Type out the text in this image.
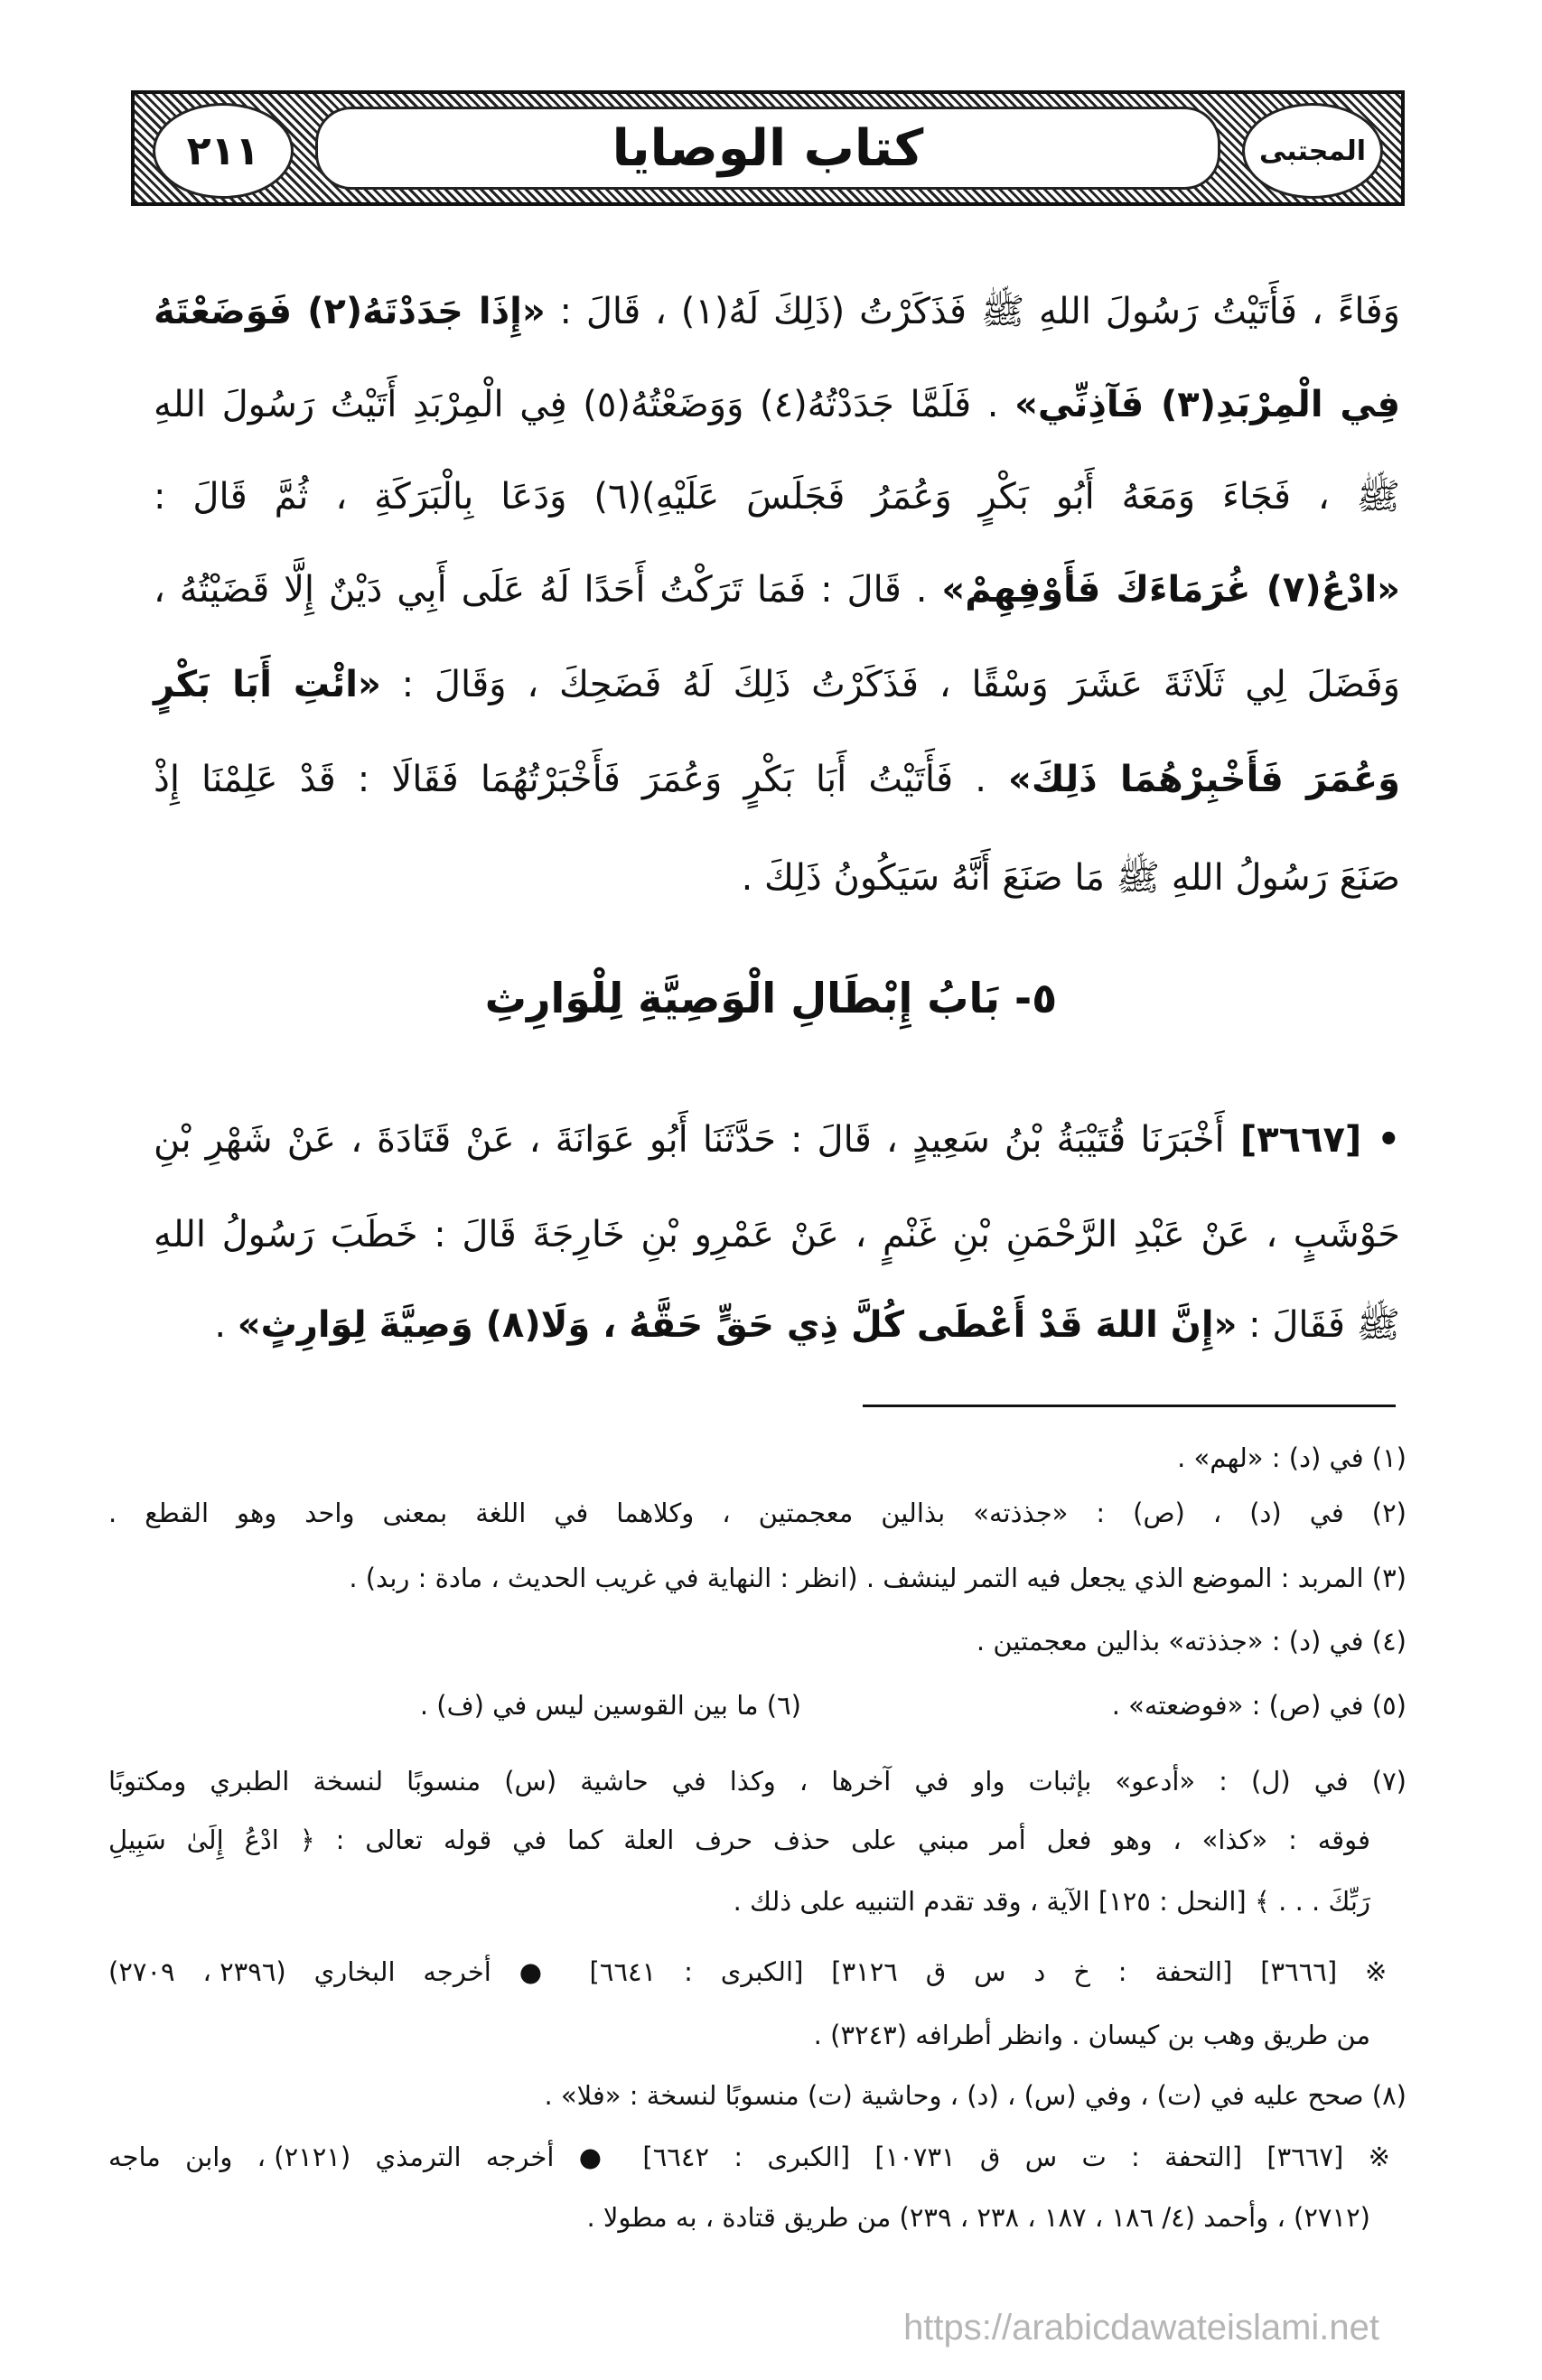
٢١١	كتاب الوصايا	المجتبى
وَفَاءً ، فَأَتَيْتُ رَسُولَ اللهِ ﷺ فَذَكَرْتُ (ذَلِكَ لَهُ(١) ، قَالَ : «إِذَا جَدَدْتَهُ(٢) فَوَضَعْتَهُ
فِي الْمِرْبَدِ(٣) فَآذِنِّي» . فَلَمَّا جَدَدْتُهُ(٤) وَوَضَعْتُهُ(٥) فِي الْمِرْبَدِ أَتَيْتُ رَسُولَ اللهِ
ﷺ ، فَجَاءَ وَمَعَهُ أَبُو بَكْرٍ وَعُمَرُ فَجَلَسَ عَلَيْهِ)(٦) وَدَعَا بِالْبَرَكَةِ ، ثُمَّ قَالَ :
«ادْعُ(٧) غُرَمَاءَكَ فَأَوْفِهِمْ» . قَالَ : فَمَا تَرَكْتُ أَحَدًا لَهُ عَلَى أَبِي دَيْنٌ إِلَّا قَضَيْتُهُ ،
وَفَضَلَ لِي ثَلَاثَةَ عَشَرَ وَسْقًا ، فَذَكَرْتُ ذَلِكَ لَهُ فَضَحِكَ ، وَقَالَ : «ائْتِ أَبَا بَكْرٍ
وَعُمَرَ فَأَخْبِرْهُمَا ذَلِكَ» . فَأَتَيْتُ أَبَا بَكْرٍ وَعُمَرَ فَأَخْبَرْتُهُمَا فَقَالَا : قَدْ عَلِمْنَا إِذْ
صَنَعَ رَسُولُ اللهِ ﷺ مَا صَنَعَ أَنَّهُ سَيَكُونُ ذَلِكَ .
٥- بَابُ إِبْطَالِ الْوَصِيَّةِ لِلْوَارِثِ
• [٣٦٦٧] أَخْبَرَنَا قُتَيْبَةُ بْنُ سَعِيدٍ ، قَالَ : حَدَّثَنَا أَبُو عَوَانَةَ ، عَنْ قَتَادَةَ ، عَنْ شَهْرِ بْنِ
حَوْشَبٍ ، عَنْ عَبْدِ الرَّحْمَنِ بْنِ غَنْمٍ ، عَنْ عَمْرِو بْنِ خَارِجَةَ قَالَ : خَطَبَ رَسُولُ اللهِ
ﷺ فَقَالَ : «إِنَّ اللهَ قَدْ أَعْطَى كُلَّ ذِي حَقٍّ حَقَّهُ ، وَلَا(٨) وَصِيَّةَ لِوَارِثٍ» .
(١) في (د) : «لهم» .
(٢) في (د) ، (ص) : «جذذته» بذالين معجمتين ، وكلاهما في اللغة بمعنى واحد وهو القطع .
(٣) المربد : الموضع الذي يجعل فيه التمر لينشف . (انظر : النهاية في غريب الحديث ، مادة : ربد) .
(٤) في (د) : «جذذته» بذالين معجمتين .
(٥) في (ص) : «فوضعته» .
(٦) ما بين القوسين ليس في (ف) .
(٧) في (ل) : «أدعو» بإثبات واو في آخرها ، وكذا في حاشية (س) منسوبًا لنسخة الطبري ومكتوبًا
فوقه : «كذا» ، وهو فعل أمر مبني على حذف حرف العلة كما في قوله تعالى : ﴿ ادْعُ إِلَىٰ سَبِيلِ
رَبِّكَ . . . ﴾ [النحل : ١٢٥] الآية ، وقد تقدم التنبيه على ذلك .
※ [٣٦٦٦] [التحفة : خ د س ق ٣١٢٦] [الكبرى : ٦٦٤١] ● أخرجه البخاري (٢٣٩٦ ، ٢٧٠٩)
من طريق وهب بن كيسان . وانظر أطرافه (٣٢٤٣) .
(٨) صحح عليه في (ت) ، وفي (س) ، (د) ، وحاشية (ت) منسوبًا لنسخة : «فلا» .
※ [٣٦٦٧] [التحفة : ت س ق ١٠٧٣١] [الكبرى : ٦٦٤٢] ● أخرجه الترمذي (٢١٢١) ، وابن ماجه
(٢٧١٢) ، وأحمد (٤/ ١٨٦ ، ١٨٧ ، ٢٣٨ ، ٢٣٩) من طريق قتادة ، به مطولا .
https://arabicdawateislami.net
